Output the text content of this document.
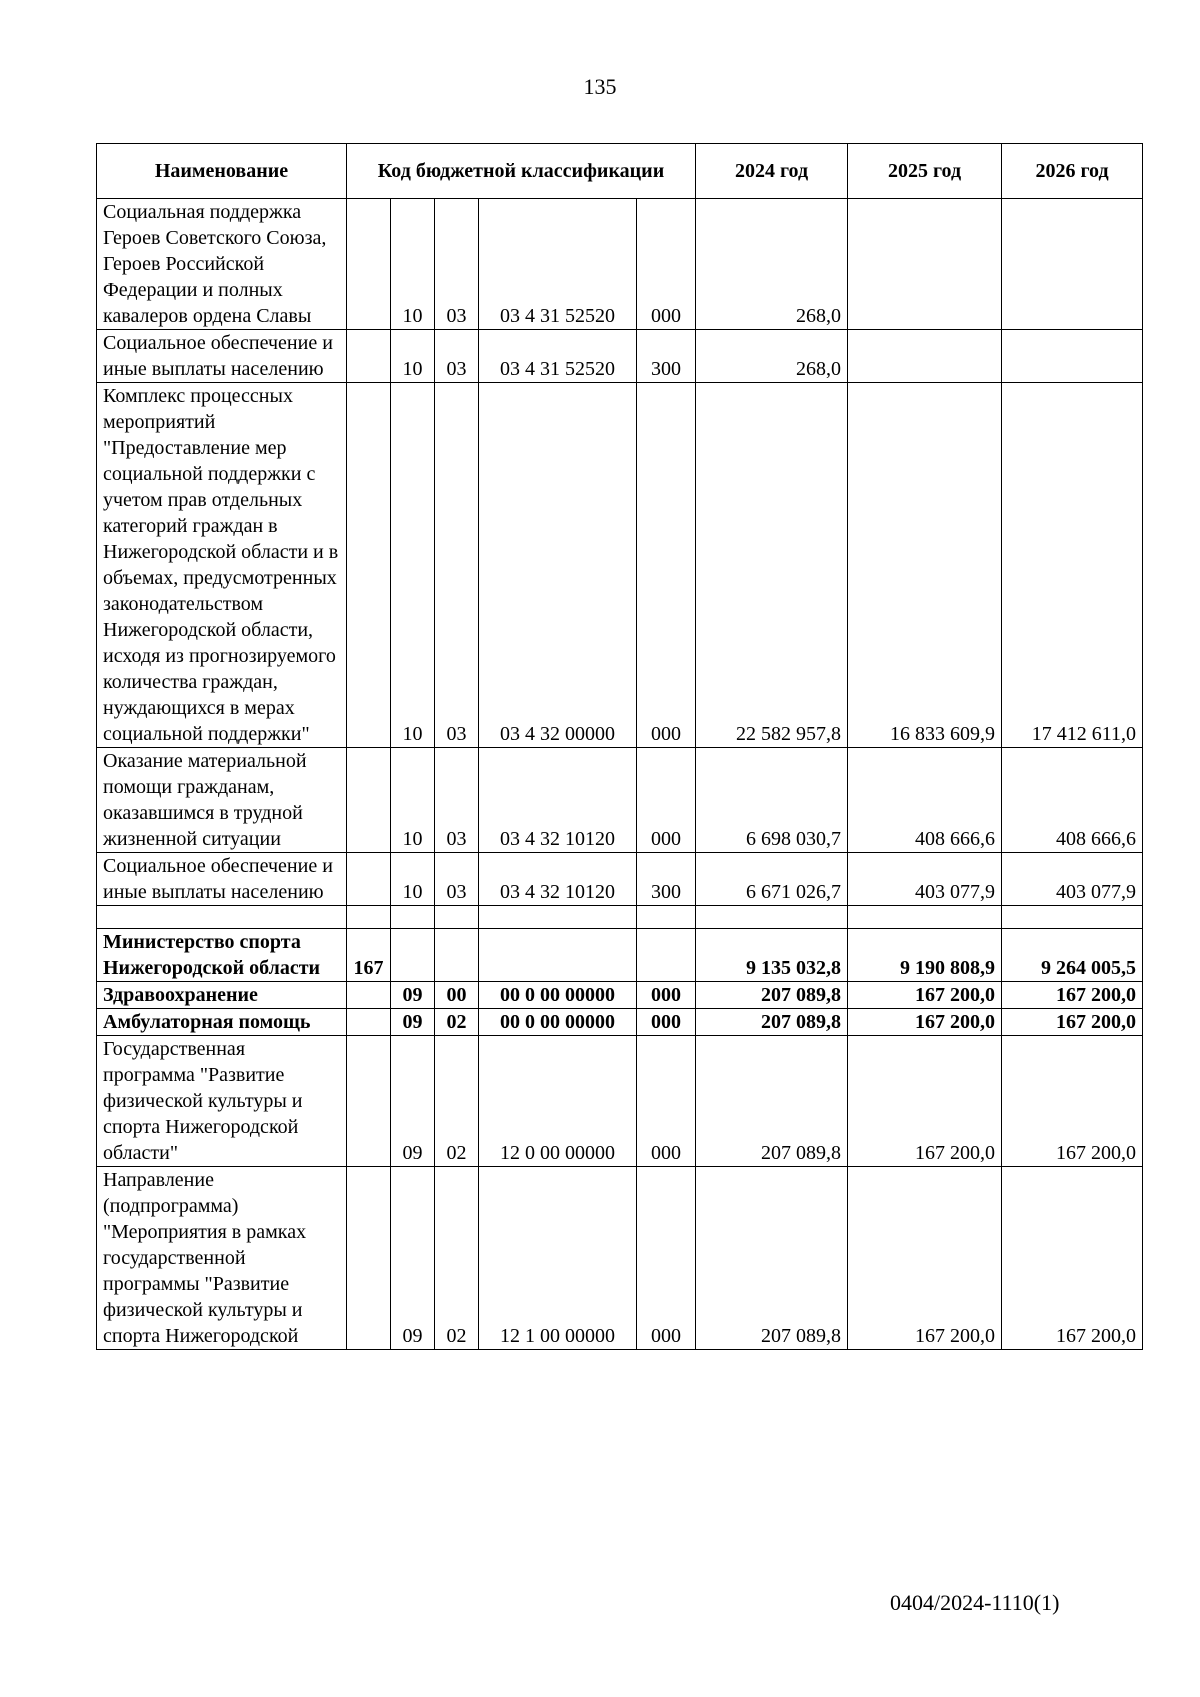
135
Наименование	Код бюджетной классификации					2024 год	2025 год	2026 год
Социальная поддержка Героев Советского Союза, Героев Российской Федерации и полных кавалеров ордена Славы		10	03	03 4 31 52520	000	268,0		
Социальное обеспечение и иные выплаты населению		10	03	03 4 31 52520	300	268,0		
Комплекс процессных мероприятий "Предоставление мер социальной поддержки с учетом прав отдельных категорий граждан в Нижегородской области и в объемах, предусмотренных законодательством Нижегородской области, исходя из прогнозируемого количества граждан, нуждающихся в мерах социальной поддержки"		10	03	03 4 32 00000	000	22 582 957,8	16 833 609,9	17 412 611,0
Оказание материальной помощи гражданам, оказавшимся в трудной жизненной ситуации		10	03	03 4 32 10120	000	6 698 030,7	408 666,6	408 666,6
Социальное обеспечение и иные выплаты населению		10	03	03 4 32 10120	300	6 671 026,7	403 077,9	403 077,9

Министерство спорта Нижегородской области	167					9 135 032,8	9 190 808,9	9 264 005,5
Здравоохранение		09	00	00 0 00 00000	000	207 089,8	167 200,0	167 200,0
Амбулаторная помощь		09	02	00 0 00 00000	000	207 089,8	167 200,0	167 200,0
Государственная программа "Развитие физической культуры и спорта Нижегородской области"		09	02	12 0 00 00000	000	207 089,8	167 200,0	167 200,0
Направление (подпрограмма) "Мероприятия в рамках государственной программы "Развитие физической культуры и спорта Нижегородской		09	02	12 1 00 00000	000	207 089,8	167 200,0	167 200,0
0404/2024-1110(1)
